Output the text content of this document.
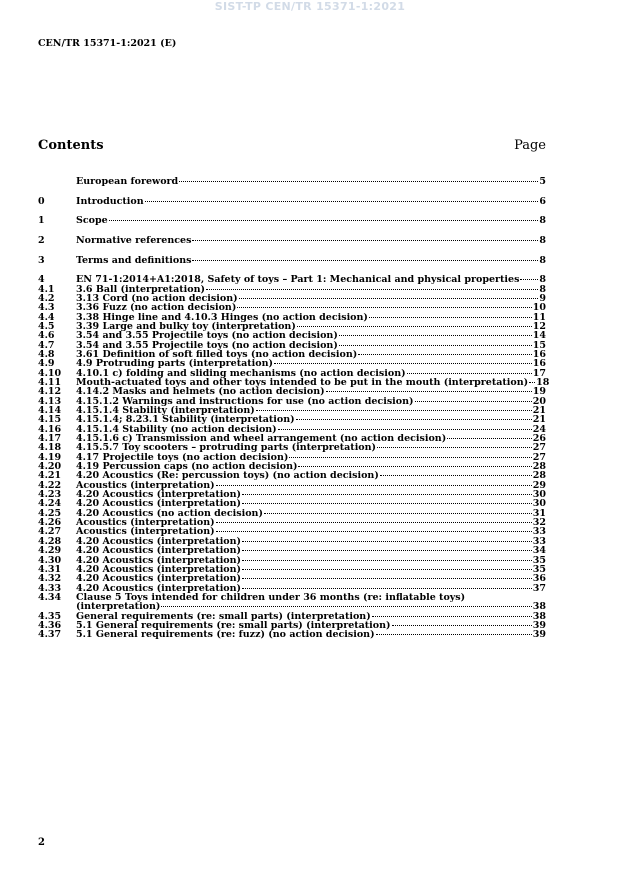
SIST-TP CEN/TR 15371-1:2021
CEN/TR 15371-1:2021 (E)
Contents	Page
European foreword	5
0	Introduction	6
1	Scope	8
2	Normative references	8
3	Terms and definitions	8
4	EN 71-1:2014+A1:2018, Safety of toys – Part 1: Mechanical and physical properties 8
4.1	3.6 Ball (interpretation)	8
4.2	3.13 Cord (no action decision)	9
4.3	3.36 Fuzz (no action decision)	10
4.4	3.38 Hinge line and 4.10.3 Hinges (no action decision)	11
4.5	3.39 Large and bulky toy (interpretation)	12
4.6	3.54 and 3.55 Projectile toys (no action decision)	14
4.7	3.54 and 3.55 Projectile toys (no action decision)	15
4.8	3.61 Definition of soft filled toys (no action decision)	16
4.9	4.9 Protruding parts (interpretation)	16
4.10	4.10.1 c) folding and sliding mechanisms (no action decision)	17
4.11	Mouth-actuated toys and other toys intended to be put in the mouth (interpretation) 18
4.12	4.14.2 Masks and helmets (no action decision)	19
4.13	4.15.1.2 Warnings and instructions for use (no action decision)	20
4.14	4.15.1.4 Stability (interpretation)	21
4.15	4.15.1.4; 8.23.1 Stability (interpretation)	21
4.16	4.15.1.4 Stability (no action decision)	24
4.17	4.15.1.6 c) Transmission and wheel arrangement (no action decision)	26
4.18	4.15.5.7 Toy scooters – protruding parts (interpretation)	27
4.19	4.17 Projectile toys (no action decision)	27
4.20	4.19 Percussion caps (no action decision)	28
4.21	4.20 Acoustics (Re: percussion toys) (no action decision)	28
4.22	Acoustics (interpretation)	29
4.23	4.20 Acoustics (interpretation)	30
4.24	4.20 Acoustics (interpretation)	30
4.25	4.20 Acoustics (no action decision)	31
4.26	Acoustics (interpretation)	32
4.27	Acoustics (interpretation)	33
4.28	4.20 Acoustics (interpretation)	33
4.29	4.20 Acoustics (interpretation)	34
4.30	4.20 Acoustics (interpretation)	35
4.31	4.20 Acoustics (interpretation)	35
4.32	4.20 Acoustics (interpretation)	36
4.33	4.20 Acoustics (interpretation)	37
4.34	Clause 5 Toys intended for children under 36 months (re: inflatable toys)
(interpretation)	38
4.35	General requirements (re: small parts) (interpretation)	38
4.36	5.1 General requirements (re: small parts) (interpretation)	39
4.37	5.1 General requirements (re: fuzz) (no action decision)	39
2
